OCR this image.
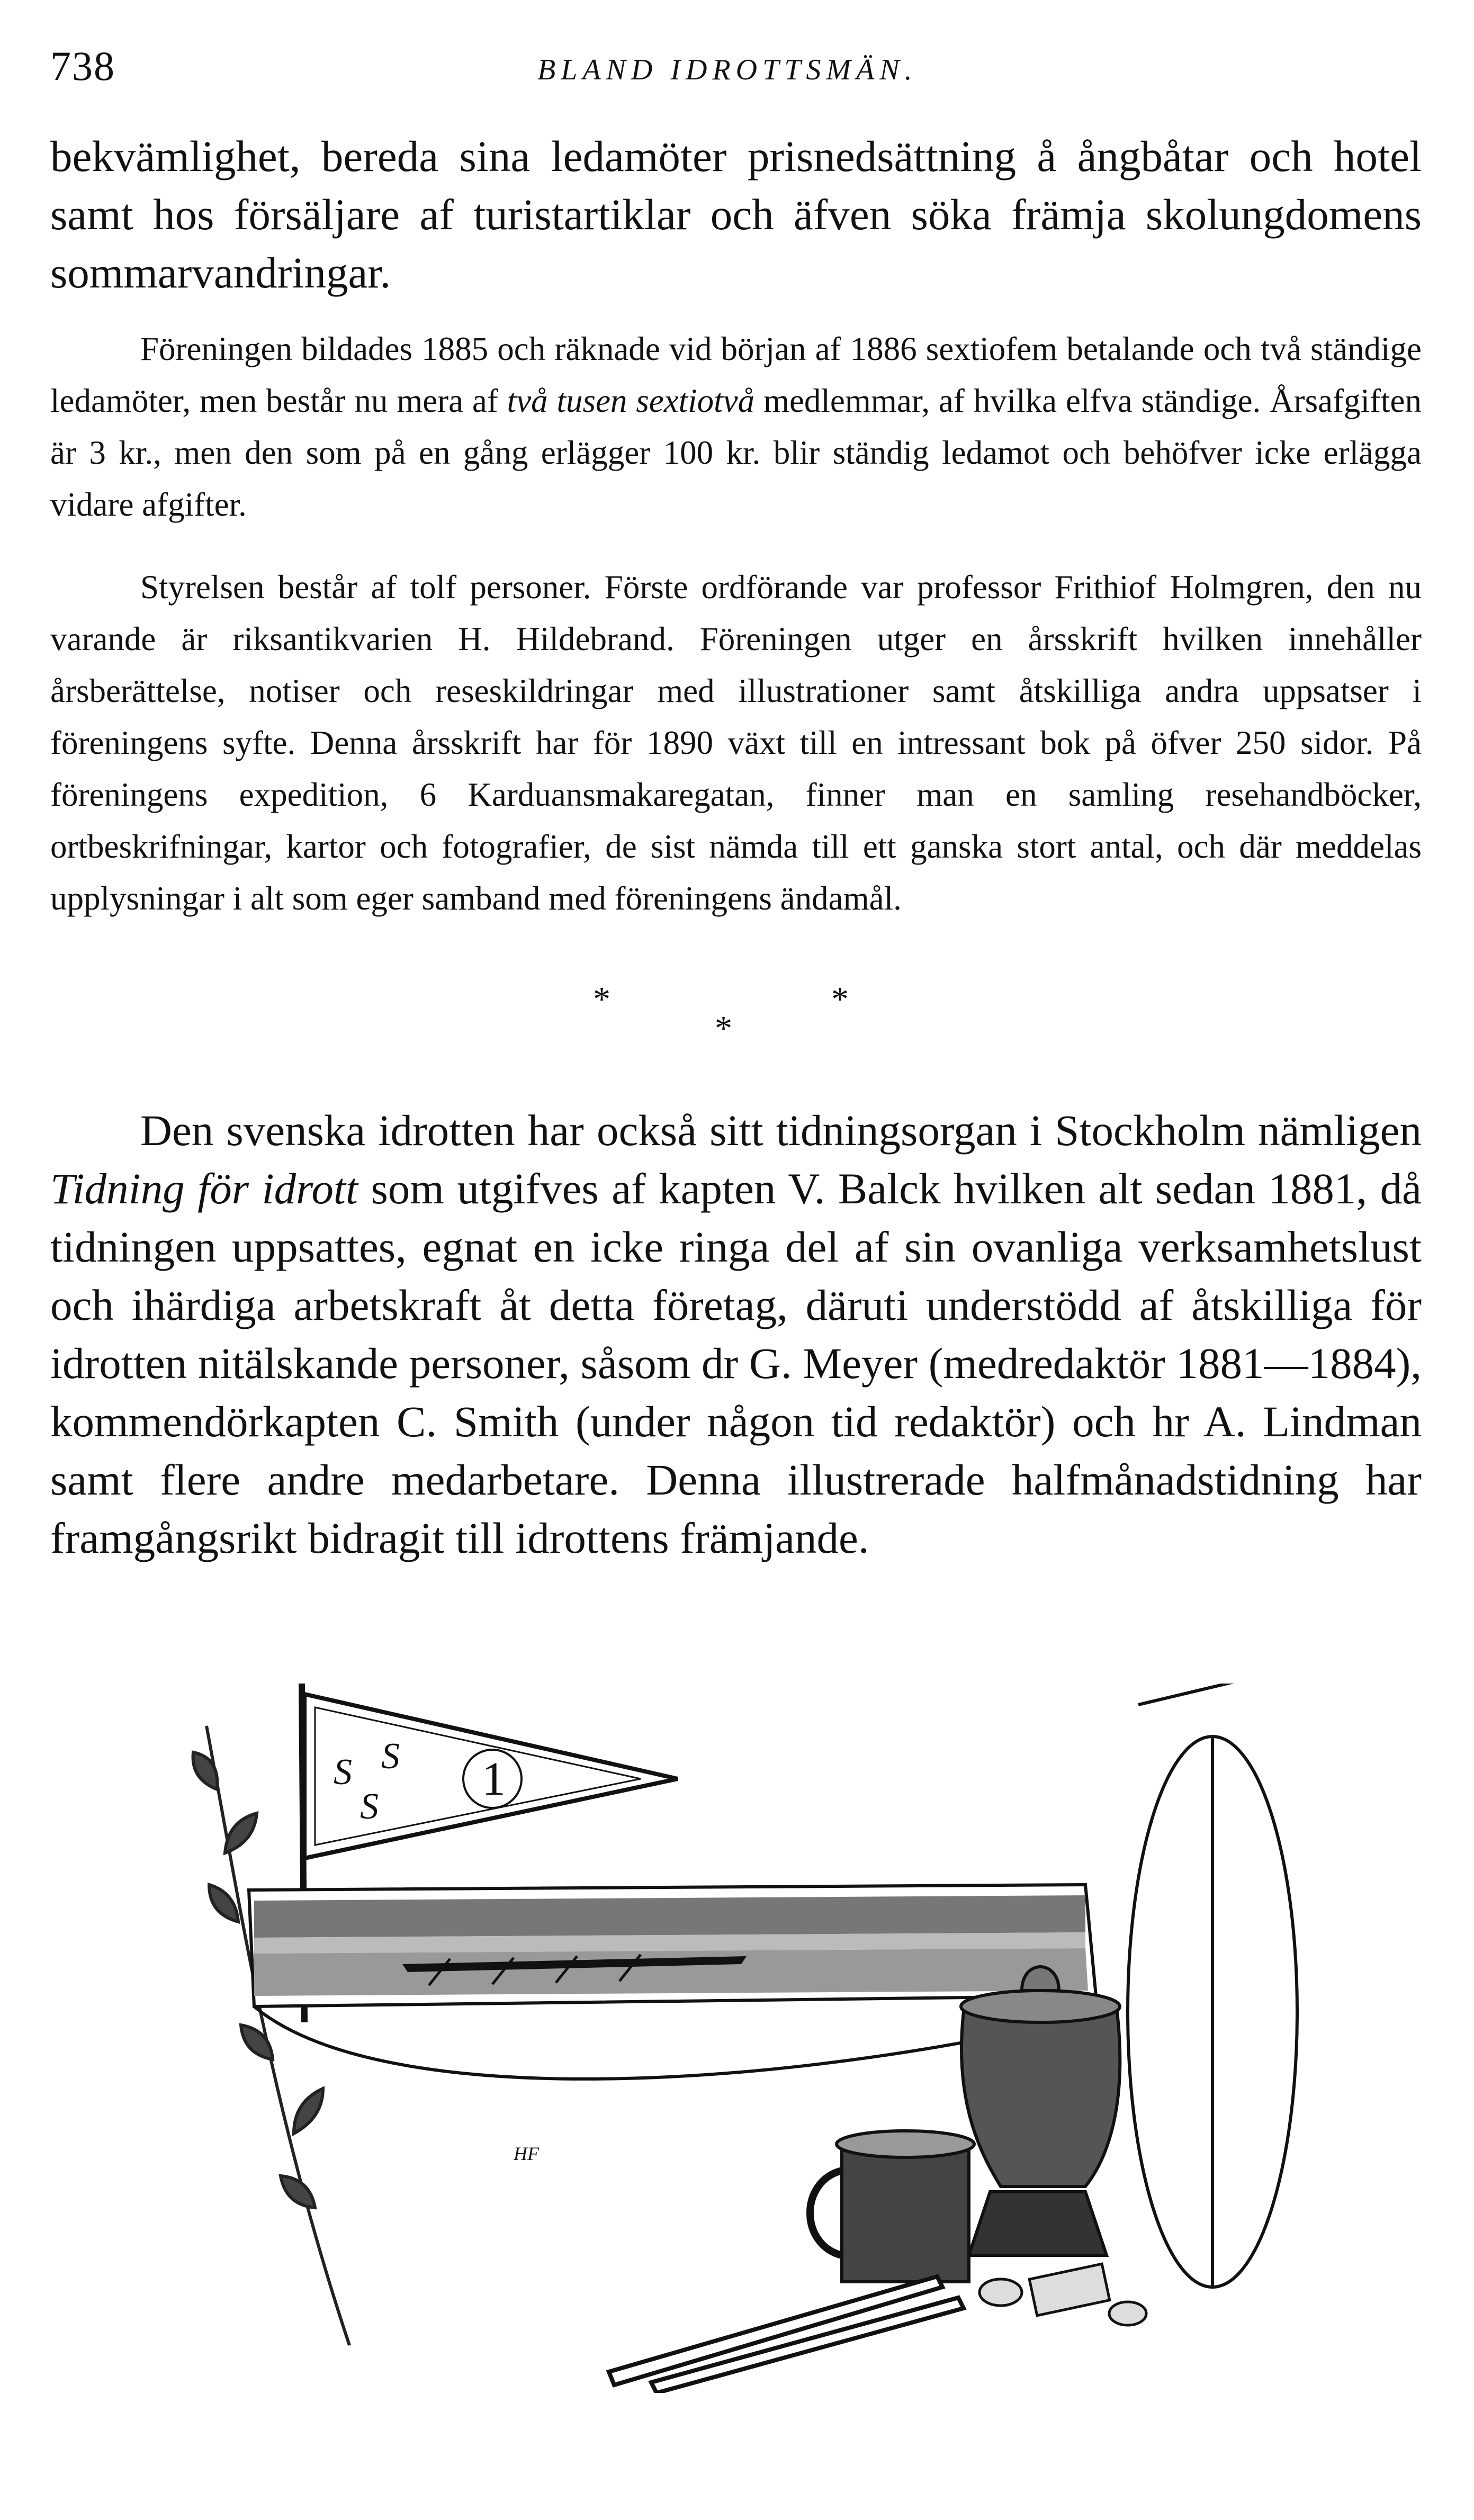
738	BLAND IDROTTSMÄN.

bekvämlighet, bereda sina ledamöter prisnedsättning å ångbåtar och hotel samt hos försäljare af turistartiklar och äfven söka främja skolungdomens sommarvandringar.

Föreningen bildades 1885 och räknade vid början af 1886 sextiofem betalande och två ständige ledamöter, men består nu mera af två tusen sextiotvå medlemmar, af hvilka elfva ständige. Årsafgiften är 3 kr., men den som på en gång erlägger 100 kr. blir ständig ledamot och behöfver icke erlägga vidare afgifter.

Styrelsen består af tolf personer. Förste ordförande var professor Frithiof Holmgren, den nu varande är riksantikvarien H. Hildebrand. Föreningen utger en årsskrift hvilken innehåller årsberättelse, notiser och reseskildringar med illustrationer samt åtskilliga andra uppsatser i föreningens syfte. Denna årsskrift har för 1890 växt till en intressant bok på öfver 250 sidor. På föreningens expedition, 6 Karduansmakaregatan, finner man en samling resehandböcker, ortbeskrifningar, kartor och fotografier, de sist nämda till ett ganska stort antal, och där meddelas upplysningar i alt som eger samband med föreningens ändamål.

*	*
*

Den svenska idrotten har också sitt tidningsorgan i Stockholm nämligen Tidning för idrott som utgifves af kapten V. Balck hvilken alt sedan 1881, då tidningen uppsattes, egnat en icke ringa del af sin ovanliga verksamhetslust och ihärdiga arbetskraft åt detta företag, däruti understödd af åtskilliga för idrotten nitälskande personer, såsom dr G. Meyer (medredaktör 1881—1884), kommendörkapten C. Smith (under någon tid redaktör) och hr A. Lindman samt flere andre medarbetare. Denna illustrerade halfmånadstidning har framgångsrikt bidragit till idrottens främjande.

S S
S
1
HF
